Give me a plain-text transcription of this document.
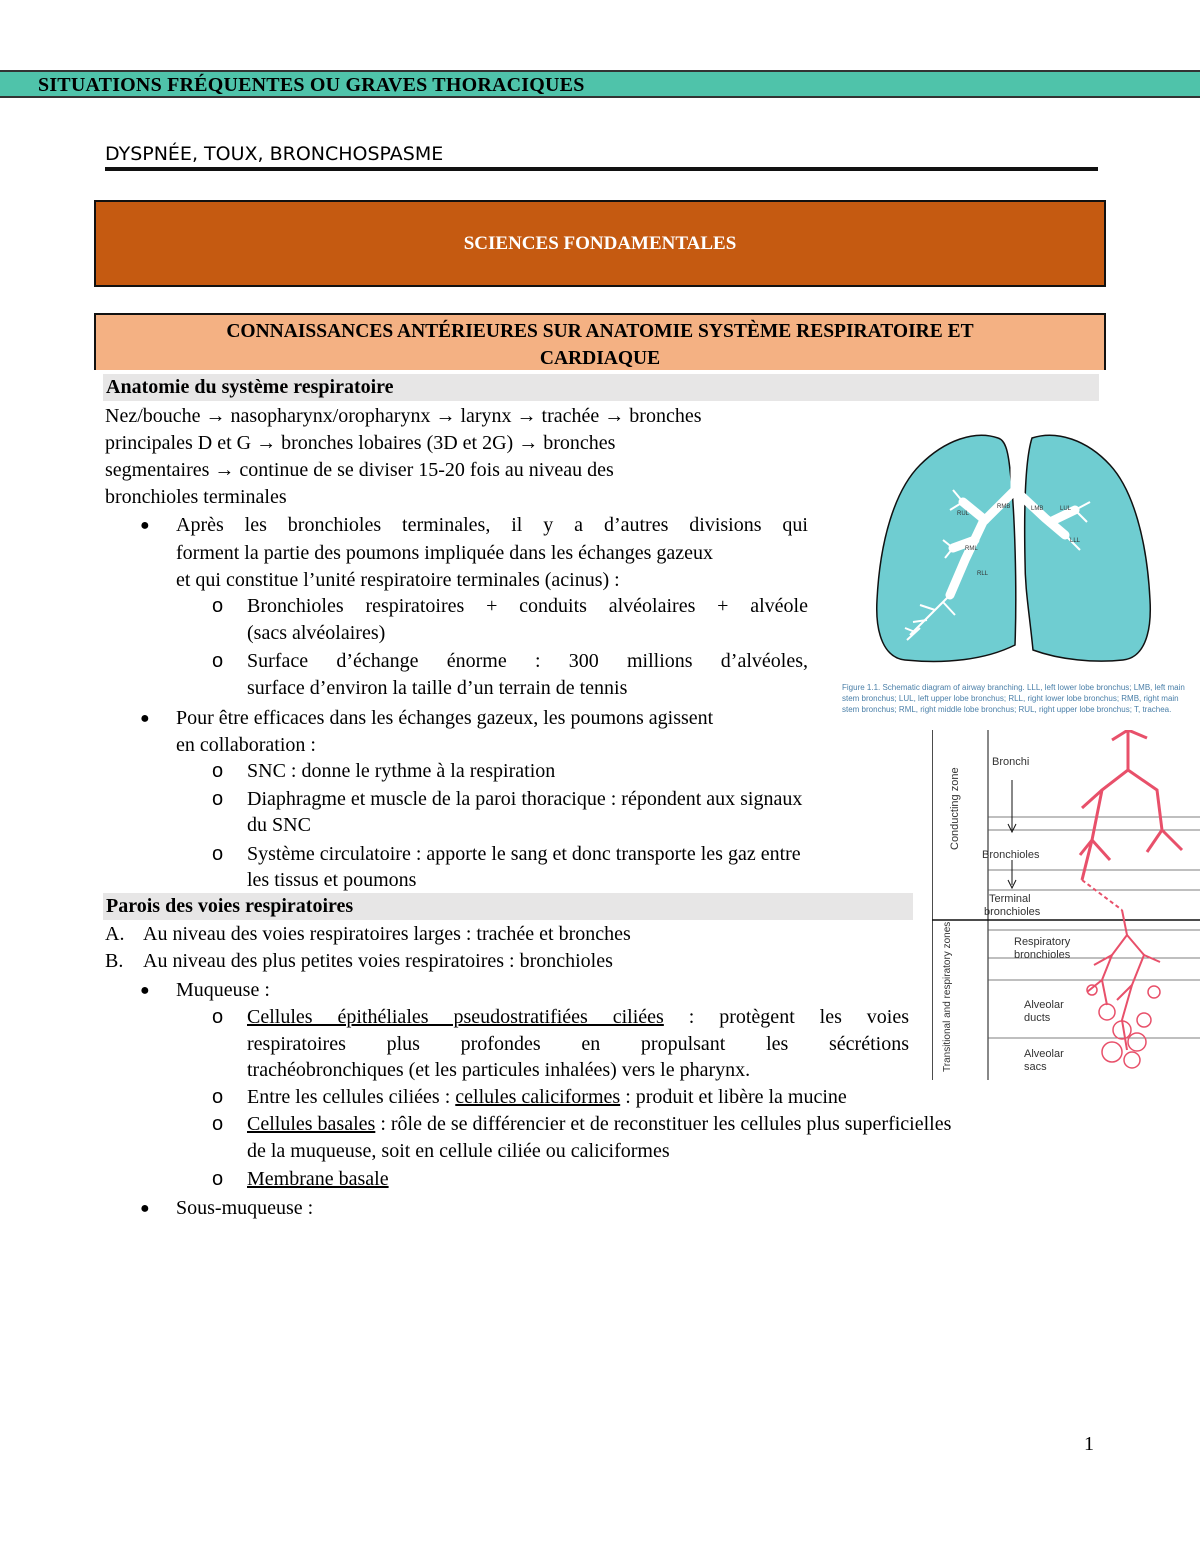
SITUATIONS FRÉQUENTES OU GRAVES THORACIQUES
DYSPNÉE, TOUX, BRONCHOSPASME
SCIENCES FONDAMENTALES
CONNAISSANCES ANTÉRIEURES SUR ANATOMIE SYSTÈME RESPIRATOIRE ET
CARDIAQUE
Anatomie du système respiratoire
Nez/bouche → nasopharynx/oropharynx → larynx → trachée → bronches
principales D et G → bronches lobaires (3D et 2G) → bronches
segmentaires → continue de se diviser 15-20 fois au niveau des
bronchioles terminales
● Après les bronchioles terminales, il y a d’autres divisions qui
forment la partie des poumons impliquée dans les échanges gazeux
et qui constitue l’unité respiratoire terminales (acinus) :
o Bronchioles respiratoires + conduits alvéolaires + alvéole
(sacs alvéolaires)
o Surface d’échange énorme : 300 millions d’alvéoles,
surface d’environ la taille d’un terrain de tennis
● Pour être efficaces dans les échanges gazeux, les poumons agissent
en collaboration :
o SNC : donne le rythme à la respiration
o Diaphragme et muscle de la paroi thoracique : répondent aux signaux
du SNC
o Système circulatoire : apporte le sang et donc transporte les gaz entre
les tissus et poumons
Parois des voies respiratoires
A. Au niveau des voies respiratoires larges : trachée et bronches
B. Au niveau des plus petites voies respiratoires : bronchioles
● Muqueuse :
o Cellules épithéliales pseudostratifiées ciliées : protègent les voies
respiratoires plus profondes en propulsant les sécrétions
trachéobronchiques (et les particules inhalées) vers le pharynx.
o Entre les cellules ciliées : cellules caliciformes : produit et libère la mucine
o Cellules basales : rôle de se différencier et de reconstituer les cellules plus superficielles
de la muqueuse, soit en cellule ciliée ou caliciformes
o Membrane basale
● Sous-muqueuse :
T
RUL
RMB
RML
RLL
LUL
LMB
LLL
Figure 1.1. Schematic diagram of airway branching. LLL, left lower lobe bronchus; LMB, left main stem bronchus; LUL, left upper lobe bronchus; RLL, right lower lobe bronchus; RMB, right main stem bronchus; RML, right middle lobe bronchus; RUL, right upper lobe bronchus; T, trachea.
Bronchi
Bronchioles
Terminal
bronchioles
Respiratory
bronchioles
Alveolar
ducts
Alveolar
sacs
Conducting zone
Transitional and respiratory zones
1
